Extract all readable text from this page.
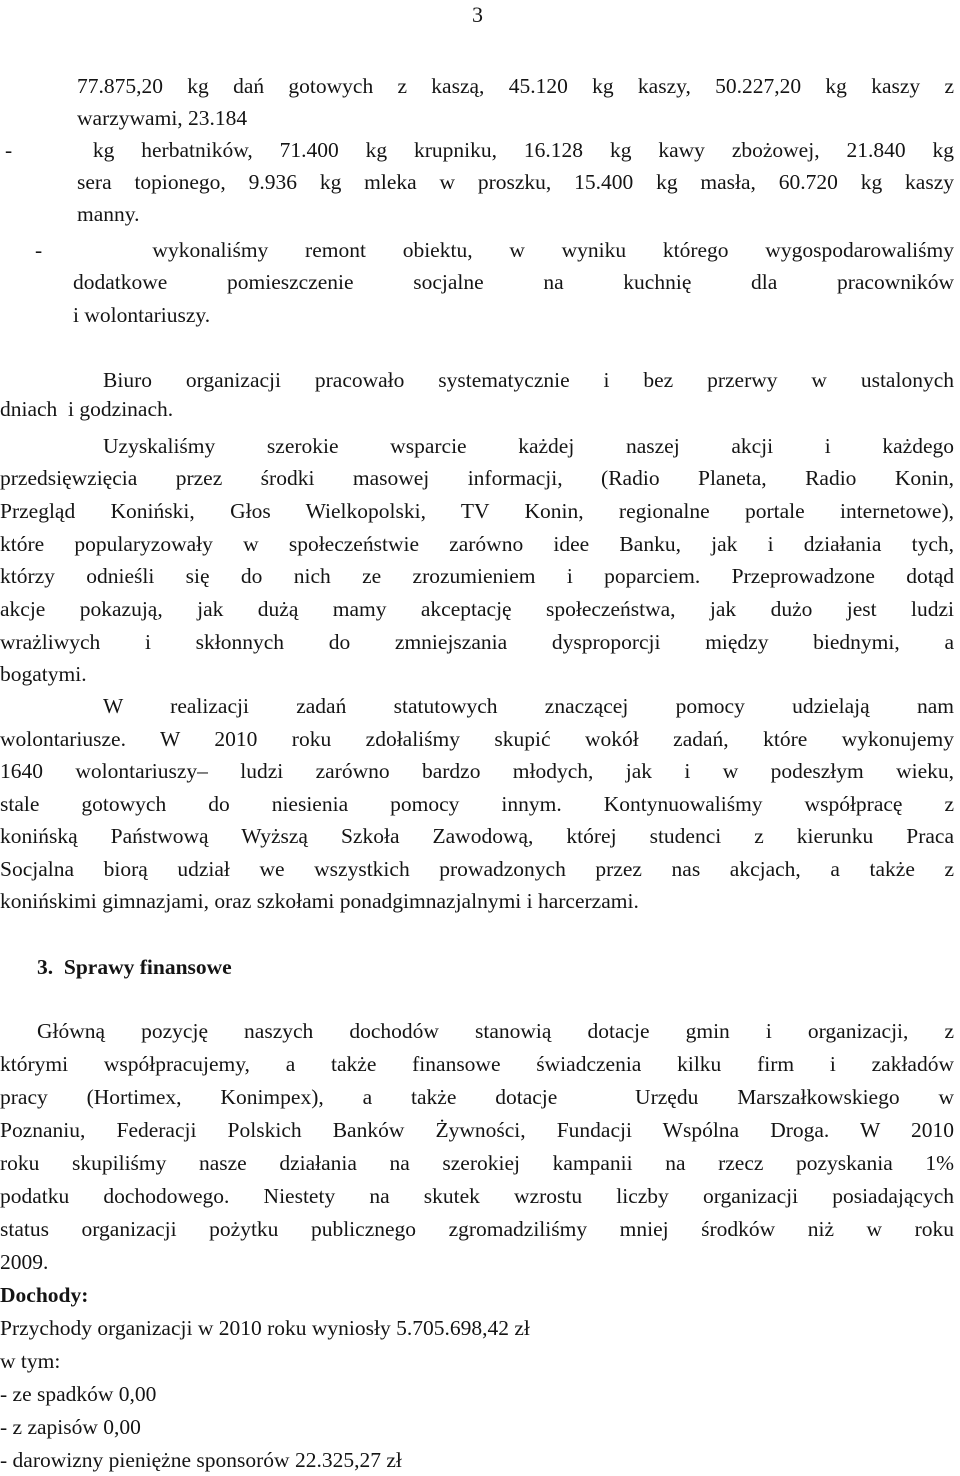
3
77.875,20 kg dań gotowych z kaszą, 45.120 kg kaszy, 50.227,20 kg kaszy z
warzywami, 23.184
-   kg herbatników, 71.400 kg krupniku, 16.128 kg kawy zbożowej, 21.840 kg
sera topionego, 9.936 kg mleka w proszku, 15.400 kg masła, 60.720 kg kaszy
manny.
-   wykonaliśmy remont obiektu, w wyniku którego wygospodarowaliśmy
dodatkowe pomieszczenie socjalne na kuchnię dla pracowników
i wolontariuszy.
Biuro organizacji pracowało systematycznie i bez przerwy w ustalonych
dniach  i godzinach.
Uzyskaliśmy szerokie wsparcie każdej naszej akcji i każdego
przedsięwzięcia przez środki masowej informacji, (Radio Planeta, Radio Konin,
Przegląd Koniński, Głos Wielkopolski, TV Konin, regionalne portale internetowe),
które popularyzowały w społeczeństwie zarówno idee Banku, jak i działania tych,
którzy odnieśli się do nich ze zrozumieniem i poparciem. Przeprowadzone dotąd
akcje pokazują, jak dużą mamy akceptację społeczeństwa, jak dużo jest ludzi
wrażliwych i skłonnych do zmniejszania dysproporcji między biednymi, a
bogatymi.
W realizacji zadań statutowych znaczącej pomocy udzielają nam
wolontariusze. W 2010 roku zdołaliśmy skupić wokół zadań, które wykonujemy
1640 wolontariuszy– ludzi zarówno bardzo młodych, jak i w podeszłym wieku,
stale gotowych do niesienia pomocy innym. Kontynuowaliśmy współpracę z
konińską Państwową Wyższą Szkoła Zawodową, której studenci z kierunku Praca
Socjalna biorą udział we wszystkich prowadzonych przez nas akcjach, a także z
konińskimi gimnazjami, oraz szkołami ponadgimnazjalnymi i harcerzami.
3.  Sprawy finansowe
Główną pozycję naszych dochodów stanowią dotacje gmin i organizacji, z
którymi współpracujemy, a także finansowe świadczenia kilku firm i zakładów
pracy (Hortimex, Konimpex), a także dotacje  Urzędu Marszałkowskiego w
Poznaniu, Federacji Polskich Banków Żywności, Fundacji Wspólna Droga. W 2010
roku skupiliśmy nasze działania na szerokiej kampanii na rzecz pozyskania 1%
podatku dochodowego. Niestety na skutek wzrostu liczby organizacji posiadających
status organizacji pożytku publicznego zgromadziliśmy mniej środków niż w roku
2009.
Dochody:
Przychody organizacji w 2010 roku wyniosły 5.705.698,42 zł
w tym:
- ze spadków 0,00
- z zapisów 0,00
- darowizny pieniężne sponsorów 22.325,27 zł
